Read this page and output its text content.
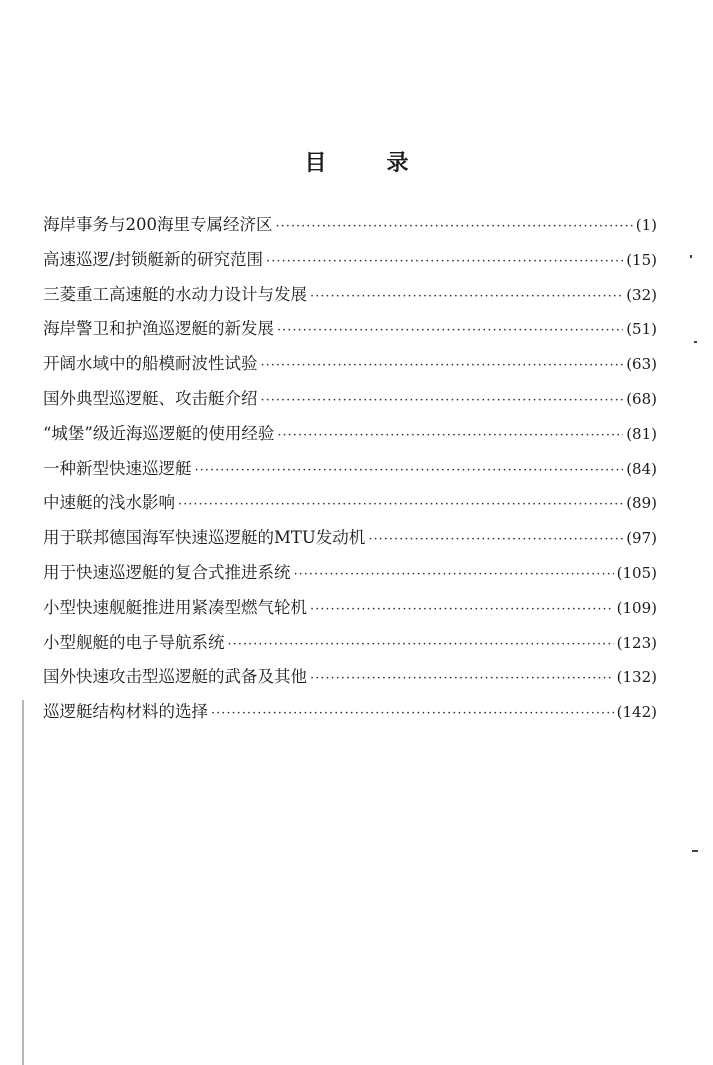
目	录
海岸事务与200海里专属经济区 ·····	(1)
高速巡逻/封锁艇新的研究范围 ·····	(15)
三菱重工高速艇的水动力设计与发展 ·····	(32)
海岸警卫和护渔巡逻艇的新发展 ·····	(51)
开阔水域中的船模耐波性试验 ·····	(63)
国外典型巡逻艇、攻击艇介绍 ·····	(68)
“城堡”级近海巡逻艇的使用经验 ·····	(81)
一种新型快速巡逻艇 ·····	(84)
中速艇的浅水影响 ·····	(89)
用于联邦德国海军快速巡逻艇的MTU发动机 ·····	(97)
用于快速巡逻艇的复合式推进系统 ·····	(105)
小型快速舰艇推进用紧凑型燃气轮机 ·····	(109)
小型舰艇的电子导航系统 ·····	(123)
国外快速攻击型巡逻艇的武备及其他 ·····	(132)
巡逻艇结构材料的选择 ·····	(142)
